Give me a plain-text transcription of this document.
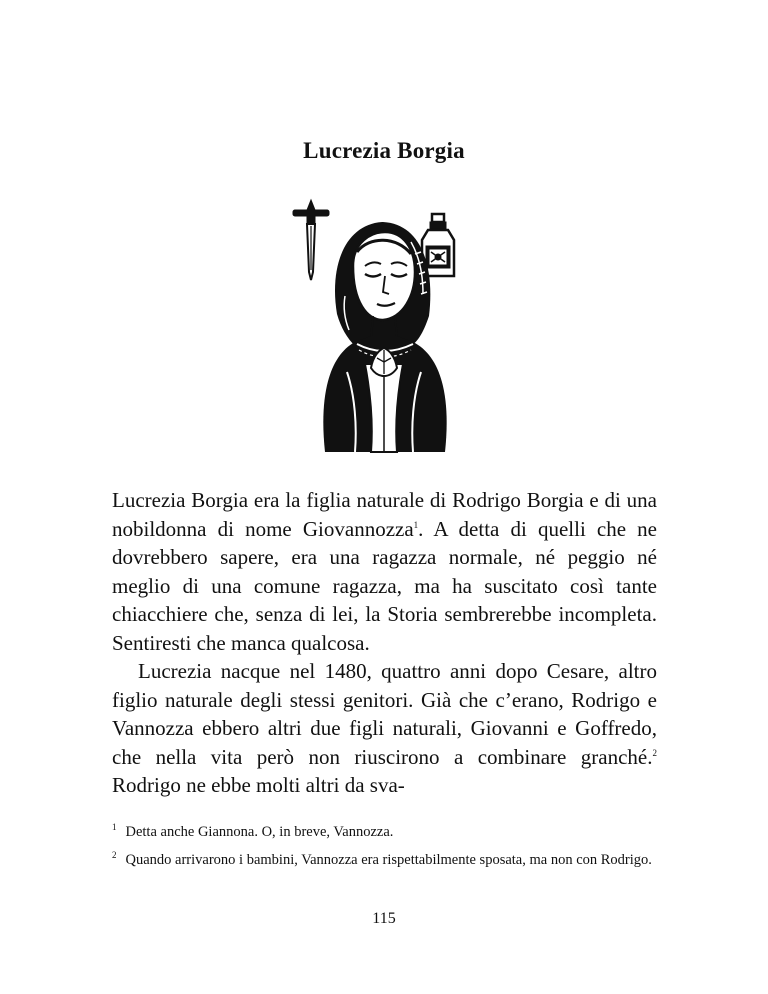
Lucrezia Borgia

Lucrezia Borgia era la figlia naturale di Rodrigo Borgia e di una nobildonna di nome Giovannozza$^1$. A detta di quelli che ne dovrebbero sapere, era una ragazza normale, né peggio né meglio di una comune ragazza, ma ha suscitato così tante chiacchiere che, senza di lei, la Storia sembrerebbe incompleta. Sentiresti che manca qualcosa.

Lucrezia nacque nel 1480, quattro anni dopo Cesare, altro figlio naturale degli stessi genitori. Già che c’erano, Rodrigo e Vannozza ebbero altri due figli naturali, Giovanni e Goffredo, che nella vita però non riuscirono a combinare granché.$^2$ Rodrigo ne ebbe molti altri da sva-

$^1$ Detta anche Giannona. O, in breve, Vannozza.

$^2$ Quando arrivarono i bambini, Vannozza era rispettabilmente sposata, ma non con Rodrigo.

115
